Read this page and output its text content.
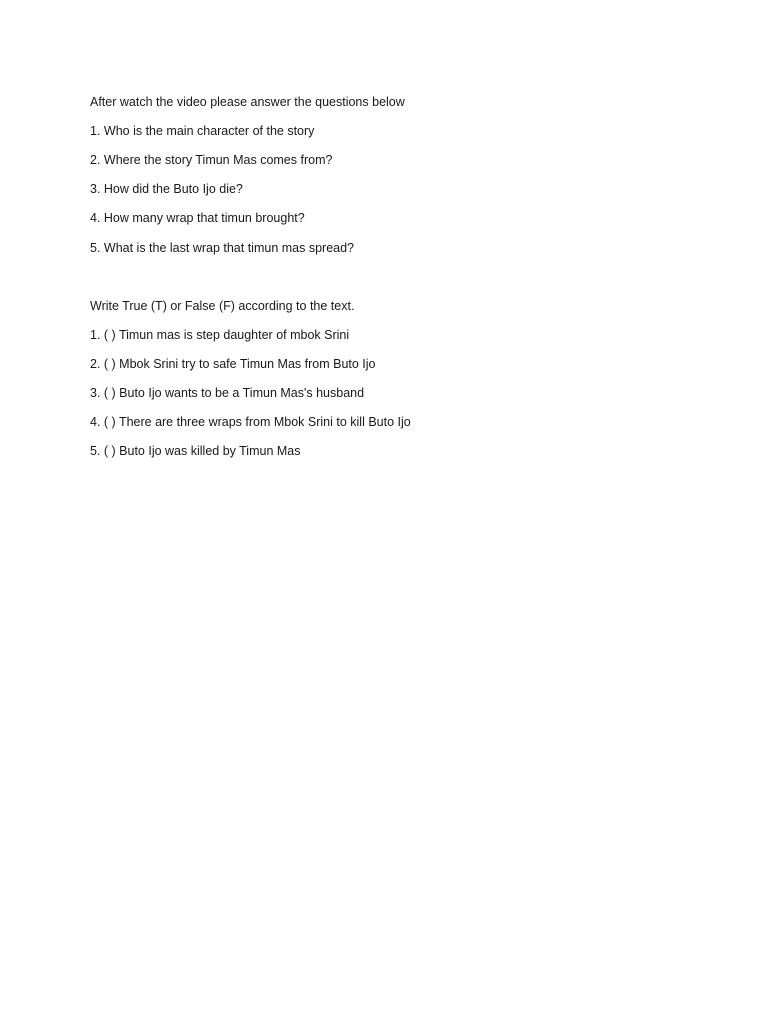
After watch the video please answer the questions below
1. Who is the main character of the story
2. Where the story Timun Mas comes from?
3. How did the Buto Ijo die?
4. How many wrap that timun brought?
5. What is the last wrap that timun mas spread?
Write True (T) or False (F) according to the text.
1. ( ) Timun mas is step daughter of mbok Srini
2. ( ) Mbok Srini try to safe Timun Mas from Buto Ijo
3. ( ) Buto Ijo wants to be a Timun Mas's husband
4. ( ) There are three wraps from Mbok Srini to kill Buto Ijo
5. ( ) Buto Ijo was killed by Timun Mas
